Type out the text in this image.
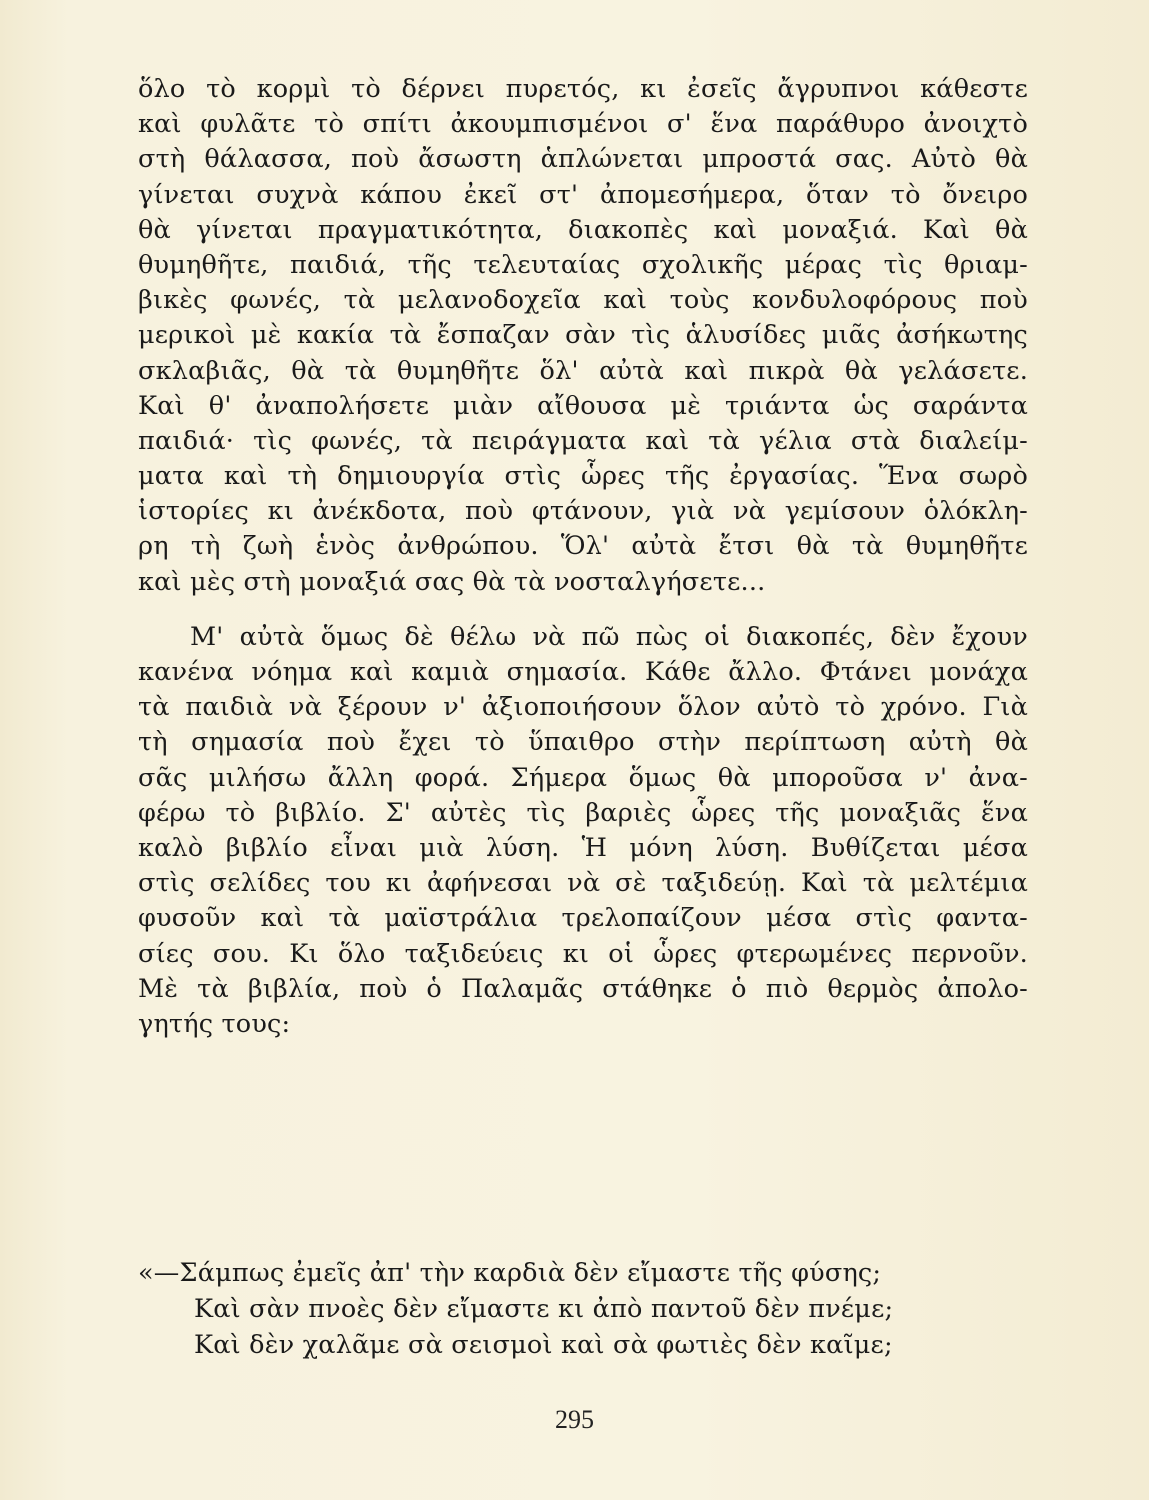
ὅλο τὸ κορμὶ τὸ δέρνει πυρετός, κι ἐσεῖς ἄγρυπνοι κάθεστε
καὶ φυλᾶτε τὸ σπίτι ἀκουμπισμένοι σ' ἕνα παράθυρο ἀνοιχτὸ
στὴ θάλασσα, ποὺ ἄσωστη ἁπλώνεται μπροστά σας. Αὐτὸ θὰ
γίνεται συχνὰ κάπου ἐκεῖ στ' ἀπομεσήμερα, ὅταν τὸ ὄνειρο
θὰ γίνεται πραγματικότητα, διακοπὲς καὶ μοναξιά. Καὶ θὰ
θυμηθῆτε, παιδιά, τῆς τελευταίας σχολικῆς μέρας τὶς θριαμ-
βικὲς φωνές, τὰ μελανοδοχεῖα καὶ τοὺς κονδυλοφόρους ποὺ
μερικοὶ μὲ κακία τὰ ἔσπαζαν σὰν τὶς ἁλυσίδες μιᾶς ἀσήκωτης
σκλαβιᾶς, θὰ τὰ θυμηθῆτε ὅλ' αὐτὰ καὶ πικρὰ θὰ γελάσετε.
Καὶ θ' ἀναπολήσετε μιὰν αἴθουσα μὲ τριάντα ὡς σαράντα
παιδιά· τὶς φωνές, τὰ πειράγματα καὶ τὰ γέλια στὰ διαλείμ-
ματα καὶ τὴ δημιουργία στὶς ὧρες τῆς ἐργασίας. Ἕνα σωρὸ
ἱστορίες κι ἀνέκδοτα, ποὺ φτάνουν, γιὰ νὰ γεμίσουν ὁλόκλη-
ρη τὴ ζωὴ ἑνὸς ἀνθρώπου. Ὅλ' αὐτὰ ἔτσι θὰ τὰ θυμηθῆτε
καὶ μὲς στὴ μοναξιά σας θὰ τὰ νοσταλγήσετε...
Μ' αὐτὰ ὅμως δὲ θέλω νὰ πῶ πὼς οἱ διακοπές, δὲν ἔχουν
κανένα νόημα καὶ καμιὰ σημασία. Κάθε ἄλλο. Φτάνει μονάχα
τὰ παιδιὰ νὰ ξέρουν ν' ἀξιοποιήσουν ὅλον αὐτὸ τὸ χρόνο. Γιὰ
τὴ σημασία ποὺ ἔχει τὸ ὕπαιθρο στὴν περίπτωση αὐτὴ θὰ
σᾶς μιλήσω ἄλλη φορά. Σήμερα ὅμως θὰ μποροῦσα ν' ἀνα-
φέρω τὸ βιβλίο. Σ' αὐτὲς τὶς βαριὲς ὧρες τῆς μοναξιᾶς ἕνα
καλὸ βιβλίο εἶναι μιὰ λύση. Ἡ μόνη λύση. Βυθίζεται μέσα
στὶς σελίδες του κι ἀφήνεσαι νὰ σὲ ταξιδεύῃ. Καὶ τὰ μελτέμια
φυσοῦν καὶ τὰ μαϊστράλια τρελοπαίζουν μέσα στὶς φαντα-
σίες σου. Κι ὅλο ταξιδεύεις κι οἱ ὧρες φτερωμένες περνοῦν.
Μὲ τὰ βιβλία, ποὺ ὁ Παλαμᾶς στάθηκε ὁ πιὸ θερμὸς ἀπολο-
γητής τους:
«—Σάμπως ἐμεῖς ἀπ' τὴν καρδιὰ δὲν εἴμαστε τῆς φύσης;
Καὶ σὰν πνοὲς δὲν εἴμαστε κι ἀπὸ παντοῦ δὲν πνέμε;
Καὶ δὲν χαλᾶμε σὰ σεισμοὶ καὶ σὰ φωτιὲς δὲν καῖμε;
295
